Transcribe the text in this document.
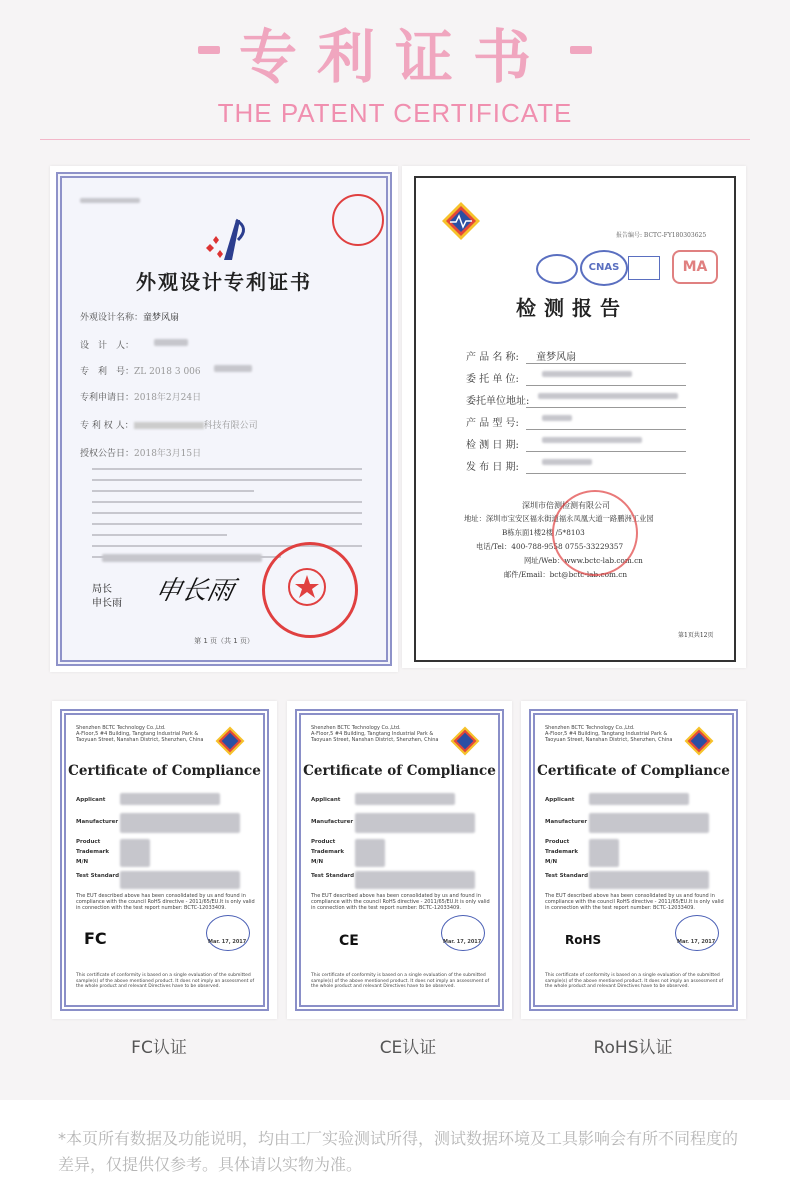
专利证书
THE PATENT CERTIFICATE
外观设计专利证书
外观设计名称：童梦风扇
设　计　人：
专　利　号：ZL 2018 3 006
专利申请日：2018年2月24日
专 利 权 人：	科技有限公司
授权公告日：2018年3月15日
局长
申长雨 申长雨
第 1 页（共 1 页）
报告编号: BCTC-FY180303625
CNAS	MA
检测报告
产 品 名 称: 童梦风扇
委 托 单 位:
委托单位地址:
产 品 型 号:
检 测 日 期:
发 布 日 期:
深圳市倍测检测有限公司
地址：深圳市宝安区福永街道福永凤凰大道一路鹏洲工业园
B栋东面1楼2楼 /5*8103
电话/Tel：400-788-9558 0755-33229357
网址/Web：www.bctc-lab.com.cn
邮件/Email：bct@bctc-lab.com.cn
第1页共12页
Shenzhen BCTC Technology Co.,Ltd.
A-Floor,5 #4 Building, Tangtang Industrial Park &
Taoyuan Street, Nanshan District, Shenzhen, China
Certificate of Compliance
Applicant
Manufacturer
Product
Trademark
M/N
Test Standard
The EUT described above has been consolidated by us and found in compliance with the council RoHS directive - 2011/65/EU.It is only valid in connection with the test report number: BCTC-12033409.
FC	Mar. 17, 2017
This certificate of conformity is based on a single evaluation of the submitted sample(s) of the above mentioned product. It does not imply an assessment of the whole product and relevant Directives have to be observed.
FC认证
Shenzhen BCTC Technology Co.,Ltd.
A-Floor,5 #4 Building, Tangtang Industrial Park &
Taoyuan Street, Nanshan District, Shenzhen, China
Certificate of Compliance
Applicant
Manufacturer
Product
Trademark
M/N
Test Standard
The EUT described above has been consolidated by us and found in compliance with the council RoHS directive - 2011/65/EU.It is only valid in connection with the test report number: BCTC-12033409.
CE	Mar. 17, 2017
This certificate of conformity is based on a single evaluation of the submitted sample(s) of the above mentioned product. It does not imply an assessment of the whole product and relevant Directives have to be observed.
CE认证
Shenzhen BCTC Technology Co.,Ltd.
A-Floor,5 #4 Building, Tangtang Industrial Park &
Taoyuan Street, Nanshan District, Shenzhen, China
Certificate of Compliance
Applicant
Manufacturer
Product
Trademark
M/N
Test Standard
The EUT described above has been consolidated by us and found in compliance with the council RoHS directive - 2011/65/EU.It is only valid in connection with the test report number: BCTC-12033409.
RoHS	Mar. 17, 2017
This certificate of conformity is based on a single evaluation of the submitted sample(s) of the above mentioned product. It does not imply an assessment of the whole product and relevant Directives have to be observed.
RoHS认证
*本页所有数据及功能说明，均由工厂实验测试所得，测试数据环境及工具影响会有所不同程度的差异，仅提供仅参考。具体请以实物为准。
